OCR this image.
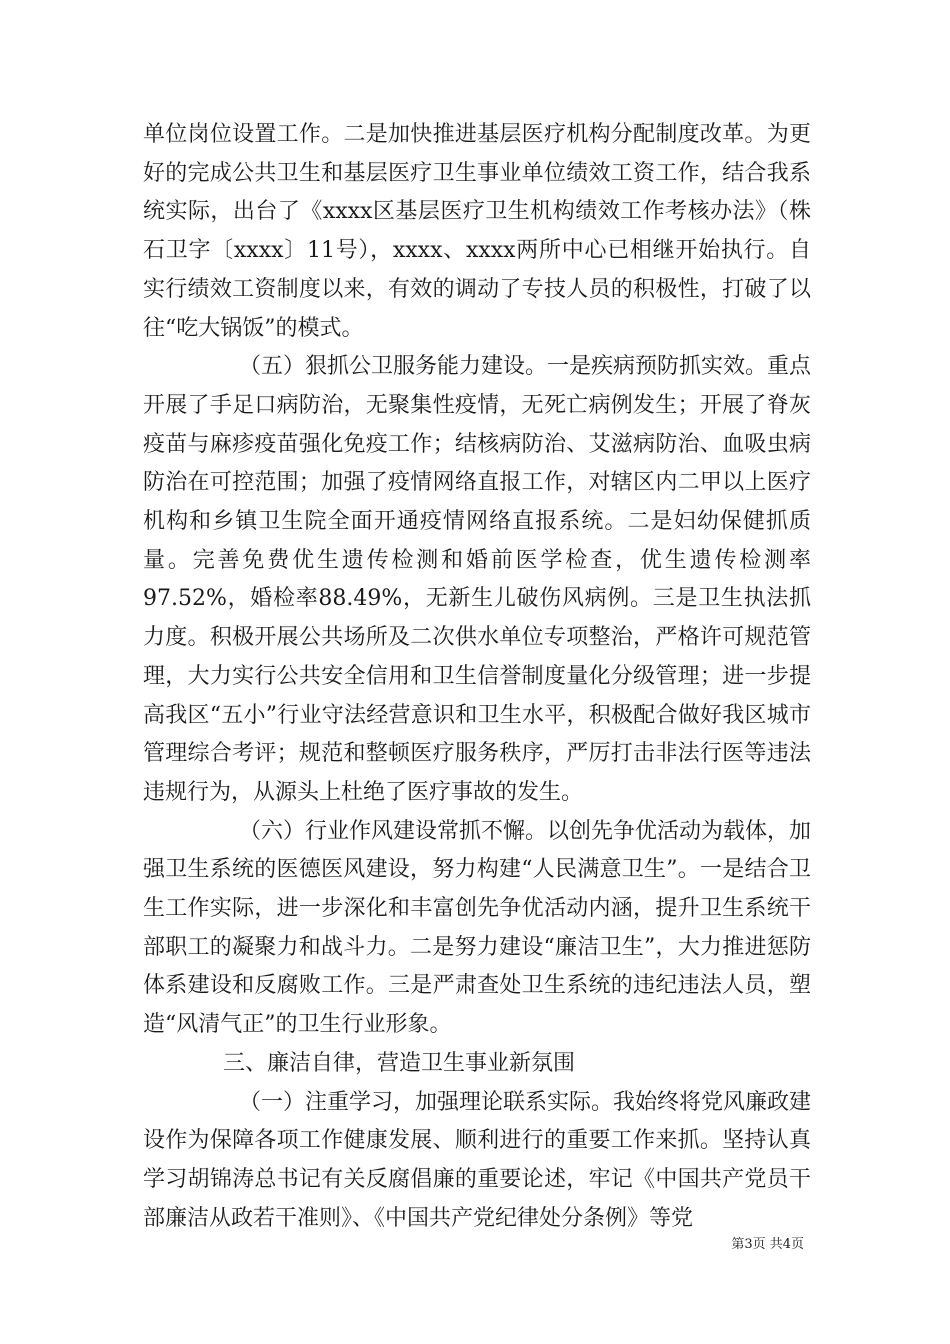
单位岗位设置工作。二是加快推进基层医疗机构分配制度改革。为更好的完成公共卫生和基层医疗卫生事业单位绩效工资工作，结合我系统实际，出台了《xxxx区基层医疗卫生机构绩效工作考核办法》（株石卫字〔xxxx〕11号），xxxx、xxxx两所中心已相继开始执行。自实行绩效工资制度以来，有效的调动了专技人员的积极性，打破了以往“吃大锅饭”的模式。

（五）狠抓公卫服务能力建设。一是疾病预防抓实效。重点开展了手足口病防治，无聚集性疫情，无死亡病例发生；开展了脊灰疫苗与麻疹疫苗强化免疫工作；结核病防治、艾滋病防治、血吸虫病防治在可控范围；加强了疫情网络直报工作，对辖区内二甲以上医疗机构和乡镇卫生院全面开通疫情网络直报系统。二是妇幼保健抓质量。完善免费优生遗传检测和婚前医学检查，优生遗传检测率97.52%，婚检率88.49%，无新生儿破伤风病例。三是卫生执法抓力度。积极开展公共场所及二次供水单位专项整治，严格许可规范管理，大力实行公共安全信用和卫生信誉制度量化分级管理；进一步提高我区“五小”行业守法经营意识和卫生水平，积极配合做好我区城市管理综合考评；规范和整顿医疗服务秩序，严厉打击非法行医等违法违规行为，从源头上杜绝了医疗事故的发生。

（六）行业作风建设常抓不懈。以创先争优活动为载体，加强卫生系统的医德医风建设，努力构建“人民满意卫生”。一是结合卫生工作实际，进一步深化和丰富创先争优活动内涵，提升卫生系统干部职工的凝聚力和战斗力。二是努力建设“廉洁卫生”，大力推进惩防体系建设和反腐败工作。三是严肃查处卫生系统的违纪违法人员，塑造“风清气正”的卫生行业形象。

三、廉洁自律，营造卫生事业新氛围

（一）注重学习，加强理论联系实际。我始终将党风廉政建设作为保障各项工作健康发展、顺利进行的重要工作来抓。坚持认真学习胡锦涛总书记有关反腐倡廉的重要论述，牢记《中国共产党员干部廉洁从政若干准则》、《中国共产党纪律处分条例》等党

第3页 共4页
